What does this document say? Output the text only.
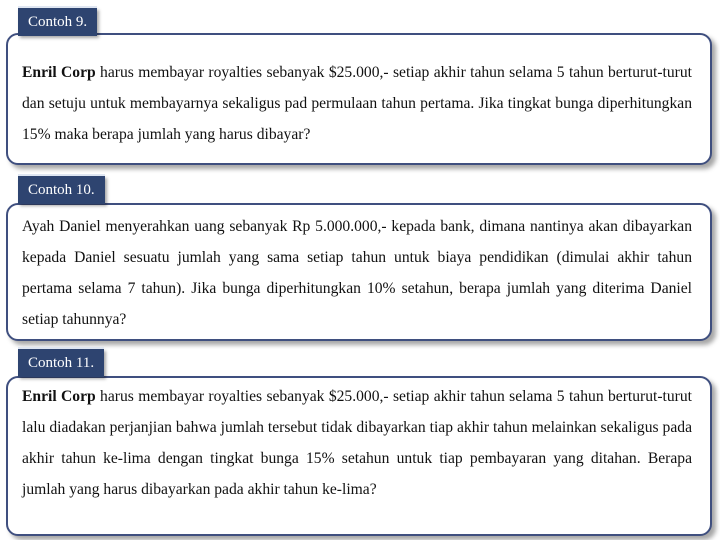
Contoh 9.
Enril Corp harus membayar royalties sebanyak $25.000,- setiap akhir tahun selama 5 tahun berturut-turut dan setuju untuk membayarnya sekaligus pad permulaan tahun pertama. Jika tingkat bunga diperhitungkan 15% maka berapa jumlah yang harus dibayar?
Contoh 10.
Ayah Daniel menyerahkan uang sebanyak Rp 5.000.000,- kepada bank, dimana nantinya akan dibayarkan kepada Daniel sesuatu jumlah yang sama setiap tahun untuk biaya pendidikan (dimulai akhir tahun pertama selama 7 tahun). Jika bunga diperhitungkan 10% setahun, berapa jumlah yang diterima Daniel setiap tahunnya?
Contoh 11.
Enril Corp harus membayar royalties sebanyak $25.000,- setiap akhir tahun selama 5 tahun berturut-turut lalu diadakan perjanjian bahwa jumlah tersebut tidak dibayarkan tiap akhir tahun melainkan sekaligus pada akhir tahun ke-lima dengan tingkat bunga 15% setahun untuk tiap pembayaran yang ditahan. Berapa jumlah yang harus dibayarkan pada akhir tahun ke-lima?
